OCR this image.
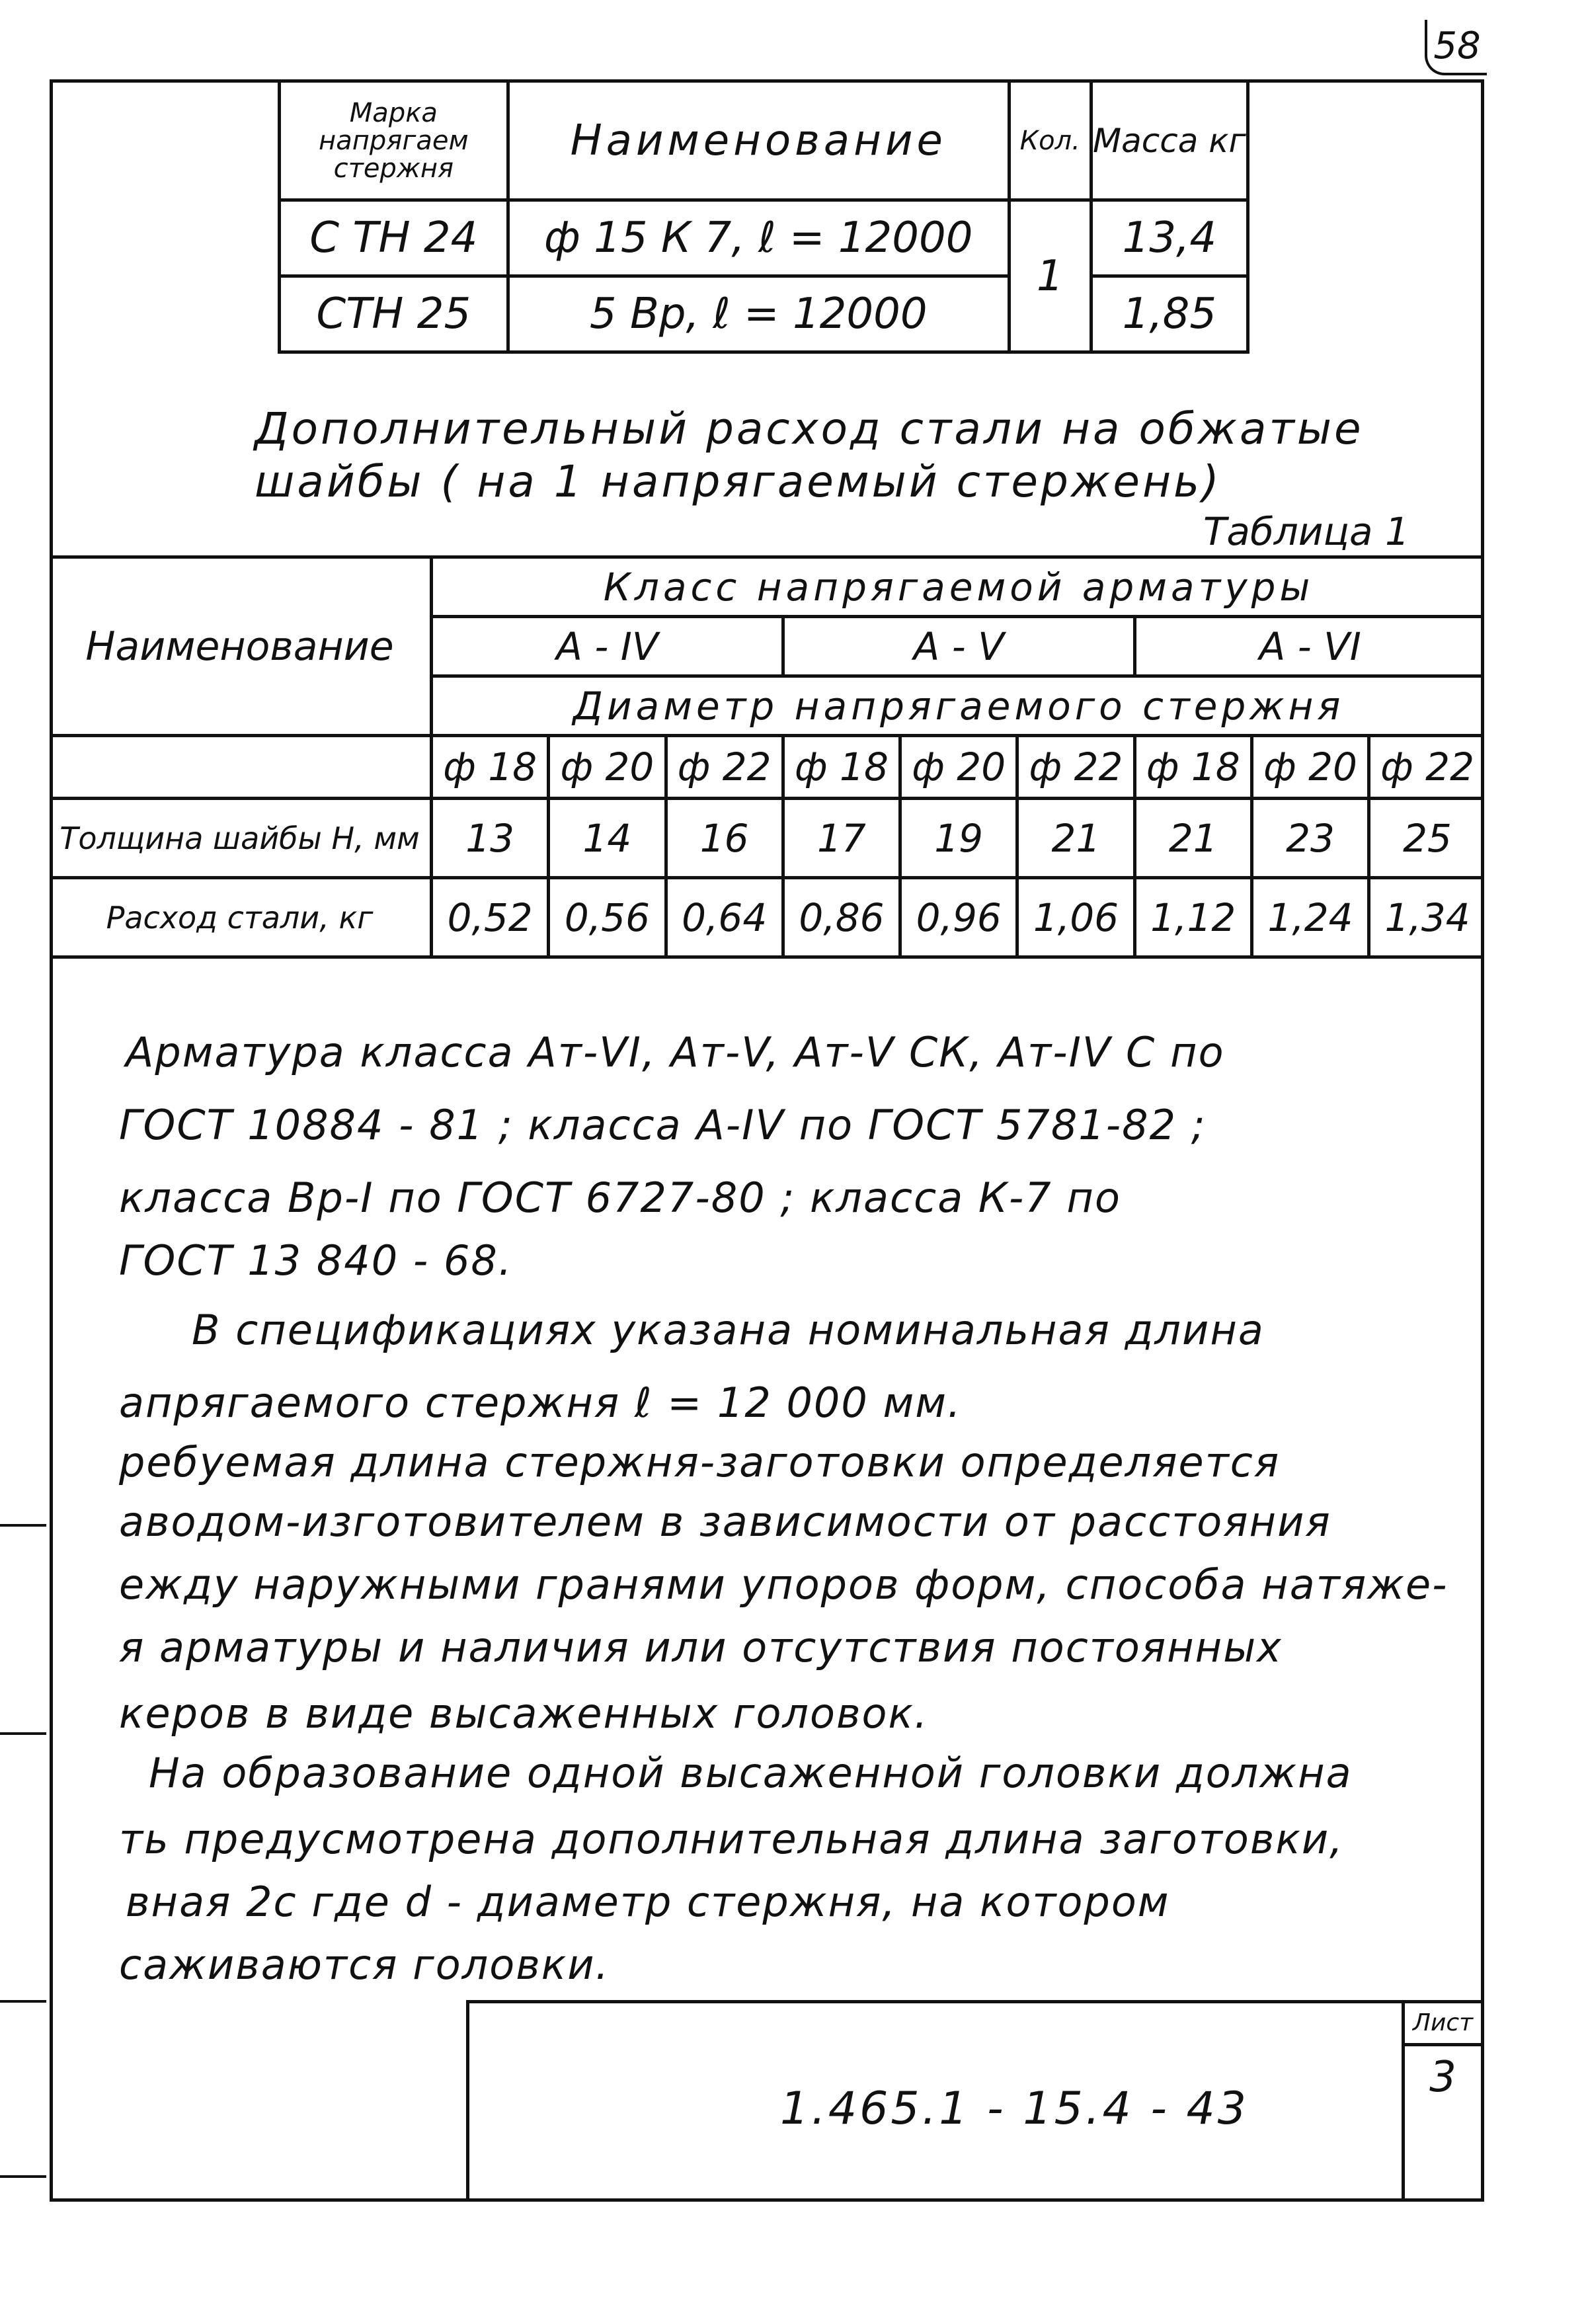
58
Марка напрягаем стержня	Наименование	Кол.	Масса кг
С ТН 24	ф 15 К 7, ℓ = 12000	1	13,4
СТН 25	5 Вр, ℓ = 12000		1,85
Дополнительный расход стали на обжатые
шайбы ( на 1 напрягаемый стержень)
Таблица 1
Наименование	Класс напрягаемой арматуры								
	А - IV			А - V			А - VI		
	Диаметр напрягаемого стержня								
	ф 18	ф 20	ф 22	ф 18	ф 20	ф 22	ф 18	ф 20	ф 22
Толщина шайбы Н, мм	13	14	16	17	19	21	21	23	25
Расход стали, кг	0,52	0,56	0,64	0,86	0,96	1,06	1,12	1,24	1,34
Арматура класса Ат-VI, Ат-V, Ат-V СК, Ат-IV С по
ГОСТ 10884 - 81 ; класса А-IV по ГОСТ 5781-82 ;
класса Вр-I по ГОСТ 6727-80 ; класса К-7 по
ГОСТ 13 840 - 68.
В спецификациях указана номинальная длина
апрягаемого стержня ℓ = 12 000 мм.
ребуемая длина стержня-заготовки определяется
аводом-изготовителем в зависимости от расстояния
ежду наружными гранями упоров форм, способа натяже-
я арматуры и наличия или отсутствия постоянных
керов в виде высаженных головок.
На образование одной высаженной головки должна
ть предусмотрена дополнительная длина заготовки,
вная 2с где d - диаметр стержня, на котором
саживаются головки.
1.465.1 - 15.4 - 43
Лист
3
